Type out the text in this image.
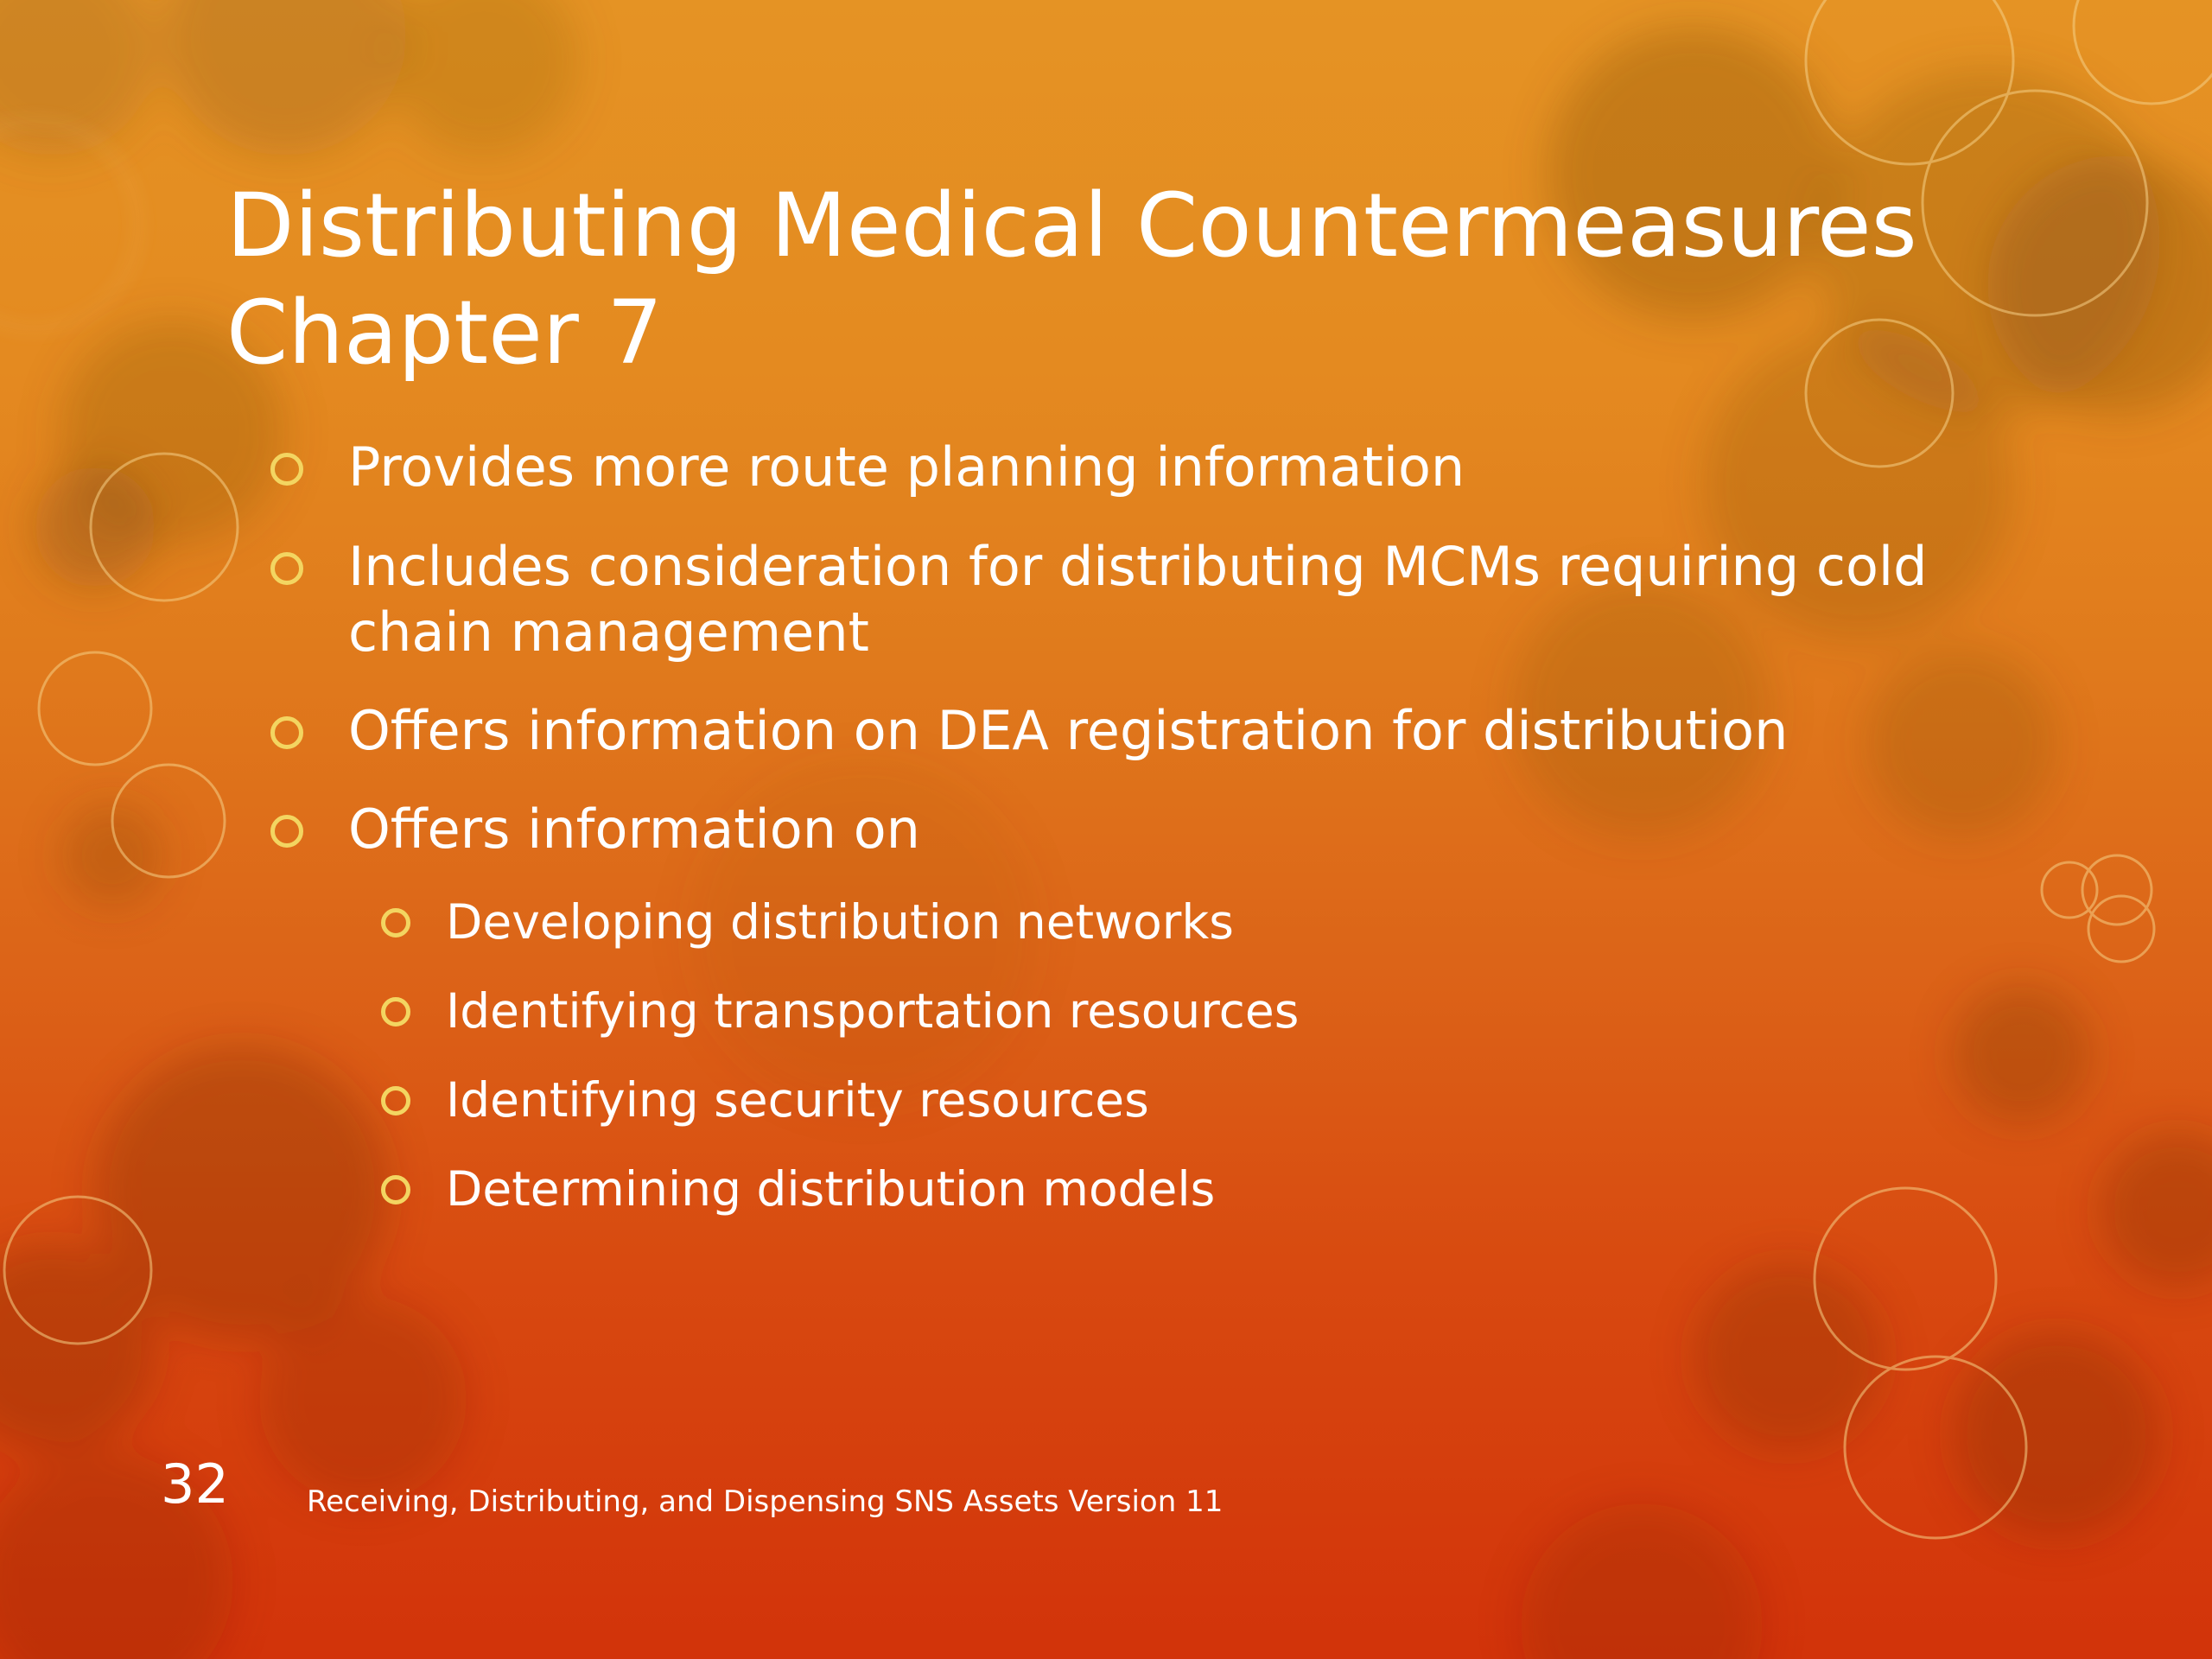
Distributing Medical Countermeasures
Chapter 7
Provides more route planning information
Includes consideration for distributing MCMs requiring cold chain management
Offers information on DEA registration for distribution
Offers information on
Developing distribution networks
Identifying transportation resources
Identifying security resources
Determining distribution models
32	Receiving, Distributing, and Dispensing SNS Assets Version 11
